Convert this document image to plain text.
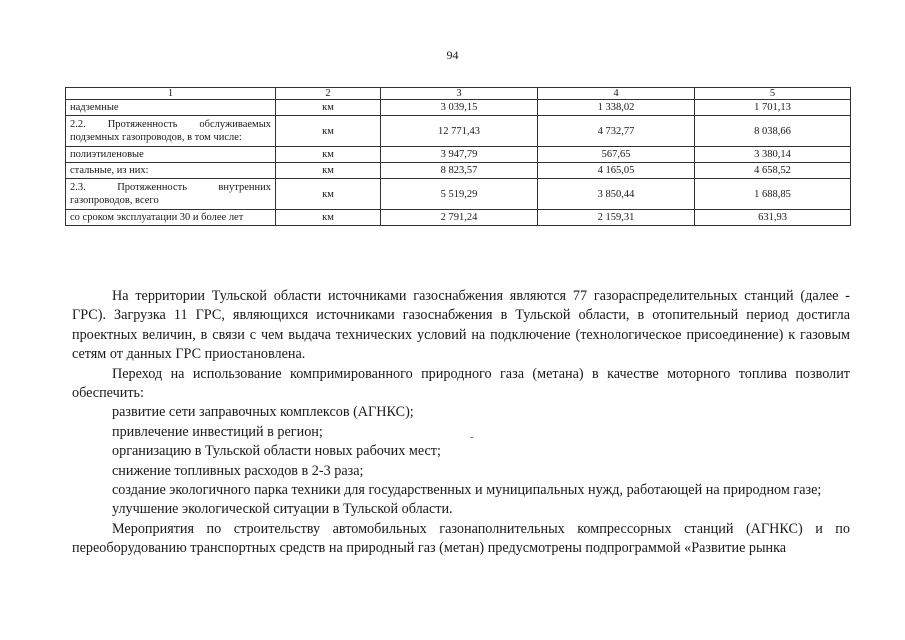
94
1	2	3	4	5
надземные	км	3 039,15	1 338,02	1 701,13
2.2. Протяженность обслуживаемых подземных газопроводов, в том числе:	км	12 771,43	4 732,77	8 038,66
полиэтиленовые	км	3 947,79	567,65	3 380,14
стальные, из них:	км	8 823,57	4 165,05	4 658,52
2.3. Протяженность внутренних газопроводов, всего	км	5 519,29	3 850,44	1 688,85
со сроком эксплуатации 30 и более лет	км	2 791,24	2 159,31	631,93

На территории Тульской области источниками газоснабжения являются 77 газораспределительных станций (далее - ГРС). Загрузка 11 ГРС, являющихся источниками газоснабжения в Тульской области, в отопительный период достигла проектных величин, в связи с чем выдача технических условий на подключение (технологическое присоединение) к газовым сетям от данных ГРС приостановлена.

Переход на использование компримированного природного газа (метана) в качестве моторного топлива позволит обеспечить:

развитие сети заправочных комплексов (АГНКС);

привлечение инвестиций в регион;

организацию в Тульской области новых рабочих мест;

снижение топливных расходов в 2-3 раза;

создание экологичного парка техники для государственных и муниципальных нужд, работающей на природном газе;

улучшение экологической ситуации в Тульской области.

Мероприятия по строительству автомобильных газонаполнительных компрессорных станций (АГНКС) и по переоборудованию транспортных средств на природный газ (метан) предусмотрены подпрограммой «Развитие рынка

-
